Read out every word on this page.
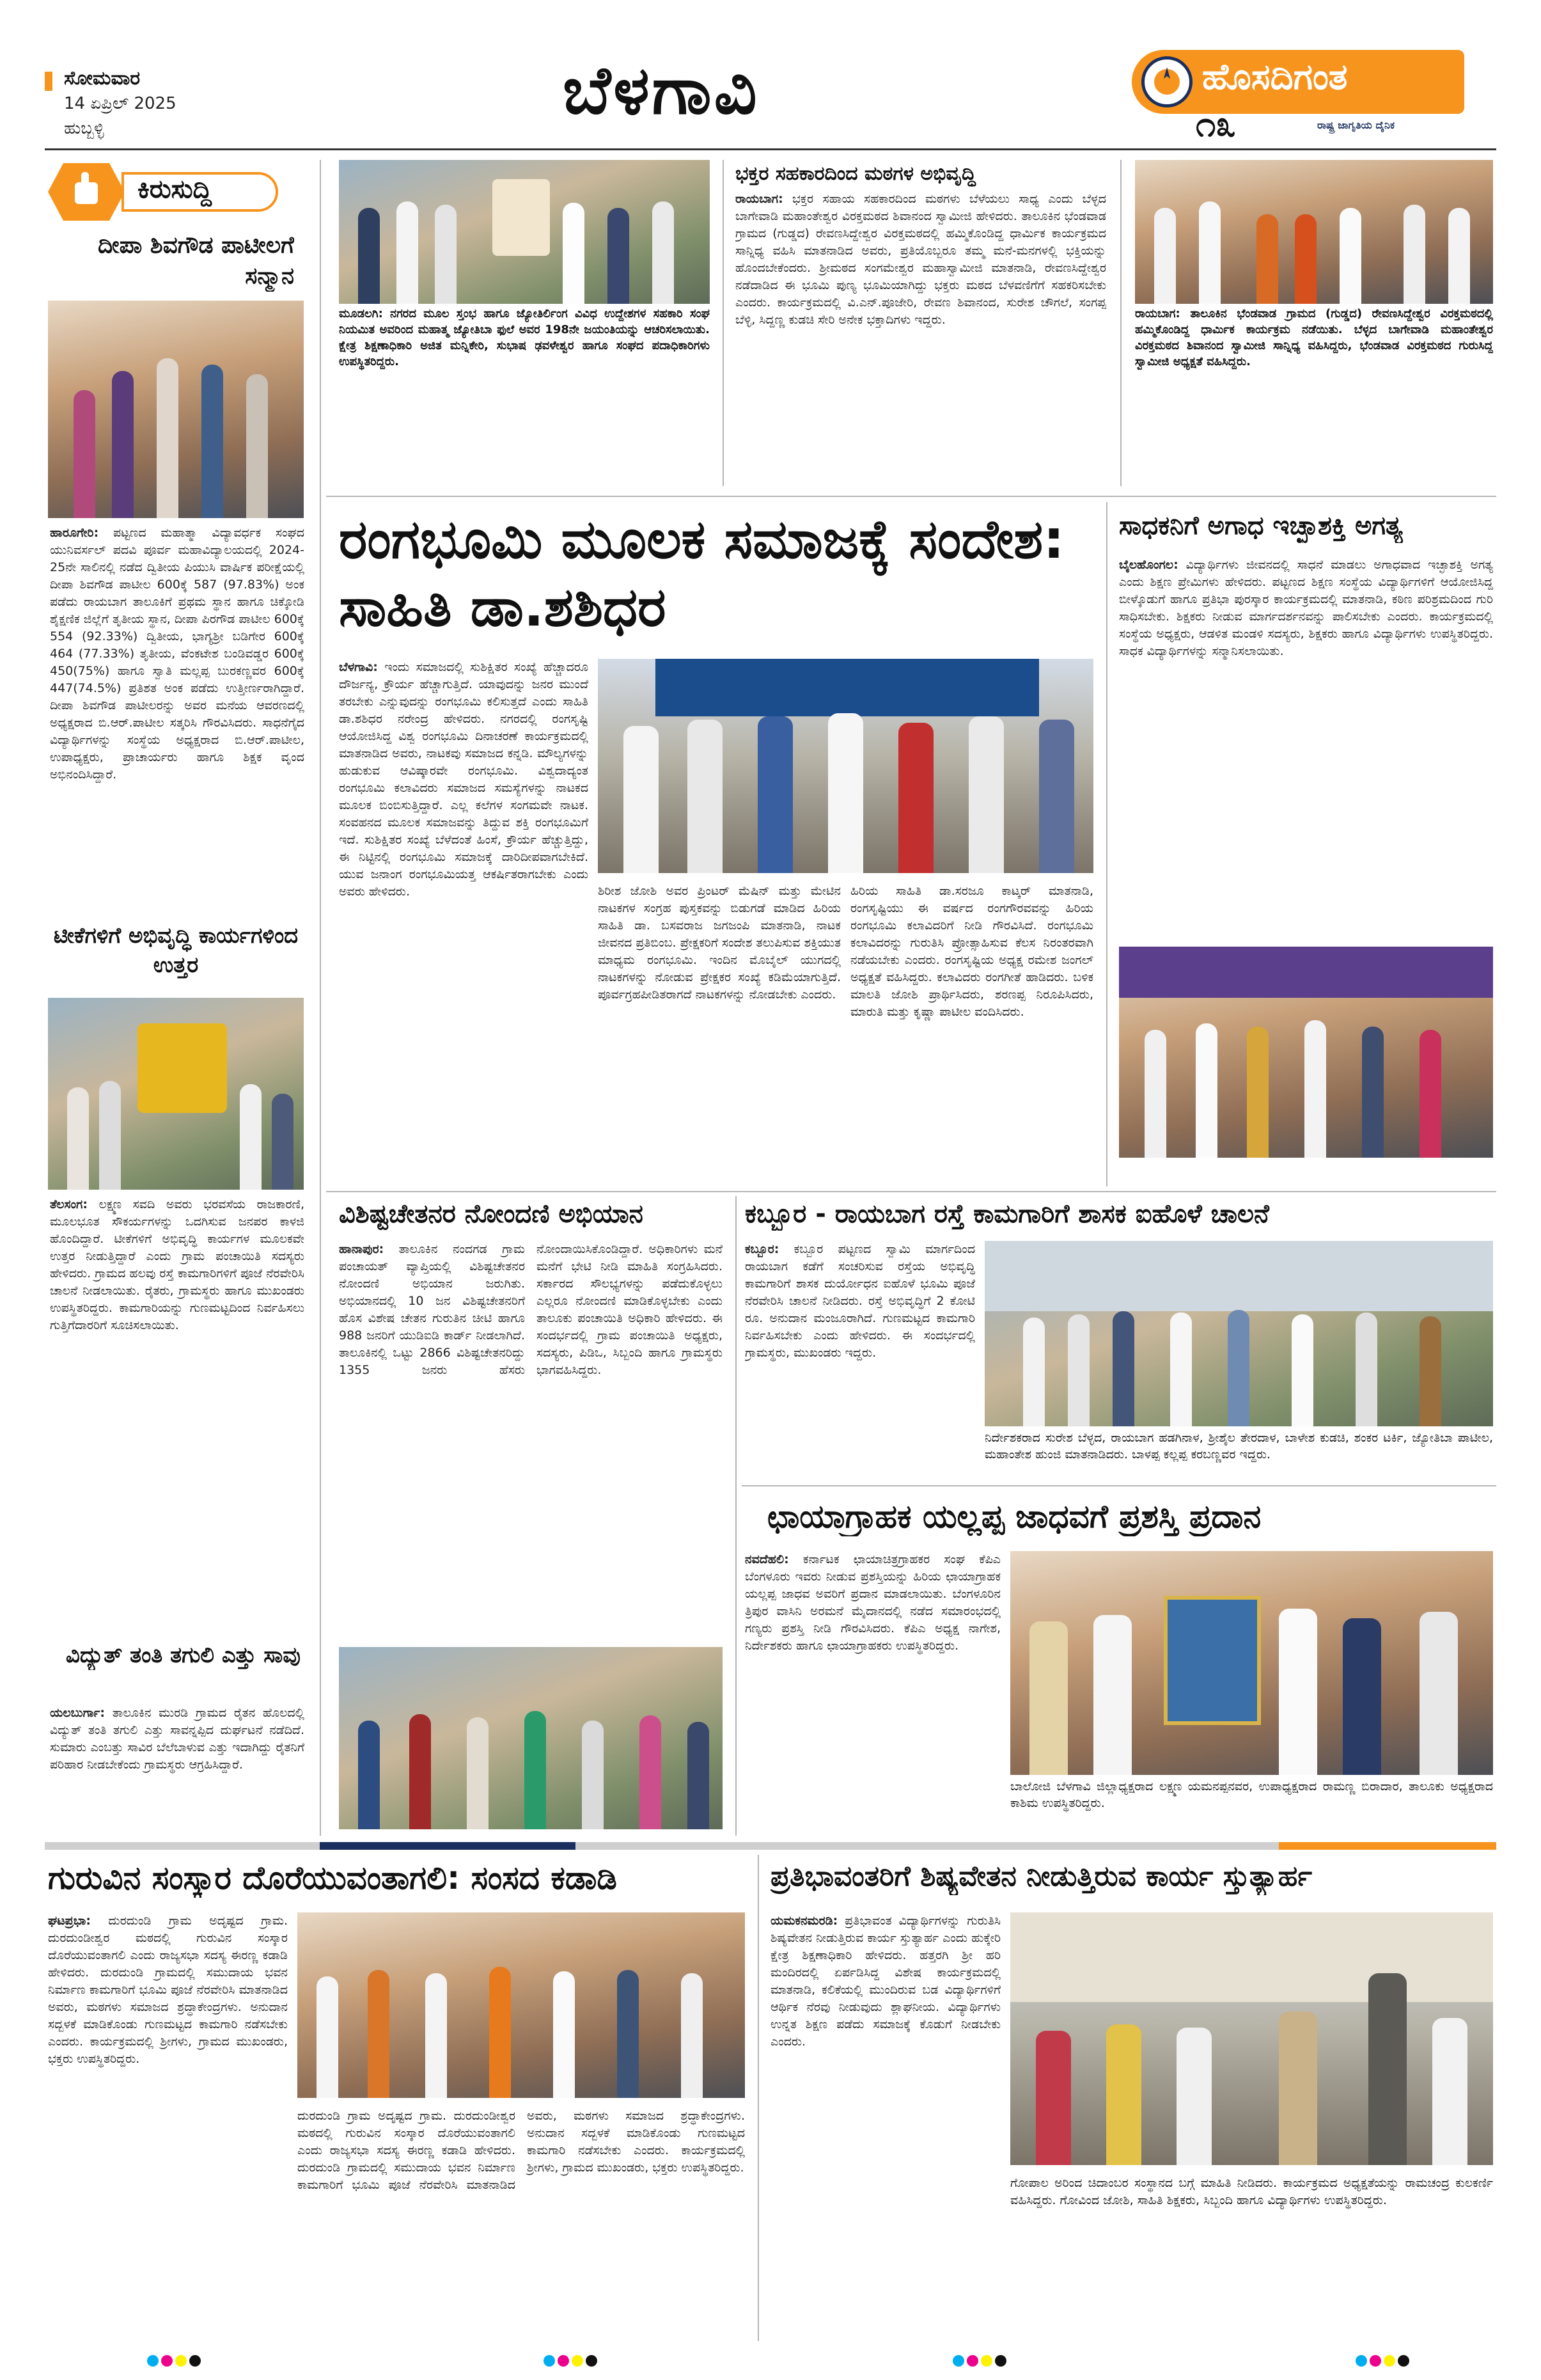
ಸೋಮವಾರ
14 ಏಪ್ರಿಲ್ 2025
ಹುಬ್ಬಳ್ಳಿ	ಬೆಳಗಾವಿ	ಹೊಸದಿಗಂತ
ರಾಷ್ಟ್ರ ಜಾಗೃತಿಯ ದೈನಿಕ
೧೩
ಕಿರುಸುದ್ದಿ
ದೀಪಾ ಶಿವಗೌಡ ಪಾಟೀಲಗೆ ಸನ್ಮಾನ
ಹಾರೂಗೇರಿ: ಪಟ್ಟಣದ ಮಹಾತ್ಮಾ ವಿದ್ಯಾವರ್ಧಕ ಸಂಘದ ಯುನಿವರ್ಸಲ್ ಪದವಿ ಪೂರ್ವ ಮಹಾವಿದ್ಯಾಲಯದಲ್ಲಿ 2024-25ನೇ ಸಾಲಿನಲ್ಲಿ ನಡೆದ ದ್ವಿತೀಯ ಪಿಯುಸಿ ವಾರ್ಷಿಕ ಪರೀಕ್ಷೆಯಲ್ಲಿ ದೀಪಾ ಶಿವಗೌಡ ಪಾಟೀಲ 600ಕ್ಕೆ 587 (97.83%) ಅಂಕ ಪಡೆದು ರಾಯಬಾಗ ತಾಲೂಕಿಗೆ ಪ್ರಥಮ ಸ್ಥಾನ ಹಾಗೂ ಚಿಕ್ಕೋಡಿ ಶೈಕ್ಷಣಿಕ ಜಿಲ್ಲೆಗೆ ತೃತೀಯ ಸ್ಥಾನ, ದೀಪಾ ಪಿರಗೌಡ ಪಾಟೀಲ 600ಕ್ಕೆ 554 (92.33%) ದ್ವಿತೀಯ, ಭಾಗ್ಯಶ್ರೀ ಬಡಿಗೇರ 600ಕ್ಕೆ 464 (77.33%) ತೃತೀಯ, ವೆಂಕಟೇಶ ಬಂಡಿವಡ್ಡರ 600ಕ್ಕೆ 450(75%) ಹಾಗೂ ಸ್ವಾತಿ ಮಲ್ಲಪ್ಪ ಬುರಕಣ್ಣವರ 600ಕ್ಕೆ 447(74.5%) ಪ್ರತಿಶತ ಅಂಕ ಪಡೆದು ಉತ್ತೀರ್ಣರಾಗಿದ್ದಾರೆ. ದೀಪಾ ಶಿವಗೌಡ ಪಾಟೀಲರನ್ನು ಅವರ ಮನೆಯ ಆವರಣದಲ್ಲಿ ಅಧ್ಯಕ್ಷರಾದ ಬಿ.ಆರ್.ಪಾಟೀಲ ಸತ್ಕರಿಸಿ ಗೌರವಿಸಿದರು. ಸಾಧನೆಗೈದ ವಿದ್ಯಾರ್ಥಿಗಳನ್ನು ಸಂಸ್ಥೆಯ ಅಧ್ಯಕ್ಷರಾದ ಬಿ.ಆರ್.ಪಾಟೀಲ, ಉಪಾಧ್ಯಕ್ಷರು, ಪ್ರಾಚಾರ್ಯರು ಹಾಗೂ ಶಿಕ್ಷಕ ವೃಂದ ಅಭಿನಂದಿಸಿದ್ದಾರೆ.
ಟೀಕೆಗಳಿಗೆ ಅಭಿವೃದ್ಧಿ ಕಾರ್ಯಗಳಿಂದ ಉತ್ತರ
ತೆಲಸಂಗ: ಲಕ್ಷ್ಮಣ ಸವದಿ ಅವರು ಭರವಸೆಯ ರಾಜಕಾರಣಿ, ಮೂಲಭೂತ ಸೌಕರ್ಯಗಳನ್ನು ಒದಗಿಸುವ ಜನಪರ ಕಾಳಜಿ ಹೊಂದಿದ್ದಾರೆ. ಟೀಕೆಗಳಿಗೆ ಅಭಿವೃದ್ಧಿ ಕಾರ್ಯಗಳ ಮೂಲಕವೇ ಉತ್ತರ ನೀಡುತ್ತಿದ್ದಾರೆ ಎಂದು ಗ್ರಾಮ ಪಂಚಾಯಿತಿ ಸದಸ್ಯರು ಹೇಳಿದರು. ಗ್ರಾಮದ ಹಲವು ರಸ್ತೆ ಕಾಮಗಾರಿಗಳಿಗೆ ಪೂಜೆ ನೆರವೇರಿಸಿ ಚಾಲನೆ ನೀಡಲಾಯಿತು. ರೈತರು, ಗ್ರಾಮಸ್ಥರು ಹಾಗೂ ಮುಖಂಡರು ಉಪಸ್ಥಿತರಿದ್ದರು. ಕಾಮಗಾರಿಯನ್ನು ಗುಣಮಟ್ಟದಿಂದ ನಿರ್ವಹಿಸಲು ಗುತ್ತಿಗೆದಾರರಿಗೆ ಸೂಚಿಸಲಾಯಿತು.
ವಿದ್ಯುತ್ ತಂತಿ ತಗುಲಿ ಎತ್ತು ಸಾವು
ಯಲಬುರ್ಗಾ: ತಾಲೂಕಿನ ಮುರಡಿ ಗ್ರಾಮದ ರೈತನ ಹೊಲದಲ್ಲಿ ವಿದ್ಯುತ್ ತಂತಿ ತಗುಲಿ ಎತ್ತು ಸಾವನ್ನಪ್ಪಿದ ದುರ್ಘಟನೆ ನಡೆದಿದೆ. ಸುಮಾರು ಎಂಬತ್ತು ಸಾವಿರ ಬೆಲೆಬಾಳುವ ಎತ್ತು ಇದಾಗಿದ್ದು ರೈತನಿಗೆ ಪರಿಹಾರ ನೀಡಬೇಕೆಂದು ಗ್ರಾಮಸ್ಥರು ಆಗ್ರಹಿಸಿದ್ದಾರೆ.
ಮೂಡಲಗಿ: ನಗರದ ಮೂಲ ಸ್ತಂಭ ಹಾಗೂ ಜ್ಯೋತಿರ್ಲಿಂಗ ವಿವಿಧ ಉದ್ದೇಶಗಳ ಸಹಕಾರಿ ಸಂಘ ನಿಯಮಿತ ಅವರಿಂದ ಮಹಾತ್ಮ ಜ್ಯೋತಿಬಾ ಫುಲೆ ಅವರ 198ನೇ ಜಯಂತಿಯನ್ನು ಆಚರಿಸಲಾಯಿತು. ಕ್ಷೇತ್ರ ಶಿಕ್ಷಣಾಧಿಕಾರಿ ಅಜಿತ ಮನ್ನಿಕೇರಿ, ಸುಭಾಷ ಢವಳೇಶ್ವರ ಹಾಗೂ ಸಂಘದ ಪದಾಧಿಕಾರಿಗಳು ಉಪಸ್ಥಿತರಿದ್ದರು.
ಭಕ್ತರ ಸಹಕಾರದಿಂದ ಮಠಗಳ ಅಭಿವೃದ್ಧಿ
ರಾಯಬಾಗ: ಭಕ್ತರ ಸಹಾಯ ಸಹಕಾರದಿಂದ ಮಠಗಳು ಬೆಳೆಯಲು ಸಾಧ್ಯ ಎಂದು ಬೆಳ್ಳದ ಬಾಗೇವಾಡಿ ಮಹಾಂತೇಶ್ವರ ವಿರಕ್ತಮಠದ ಶಿವಾನಂದ ಸ್ವಾಮೀಜಿ ಹೇಳಿದರು. ತಾಲೂಕಿನ ಭೆಂಡವಾಡ ಗ್ರಾಮದ (ಗುಡ್ಡದ) ರೇವಣಸಿದ್ದೇಶ್ವರ ವಿರಕ್ತಮಠದಲ್ಲಿ ಹಮ್ಮಿಕೊಂಡಿದ್ದ ಧಾರ್ಮಿಕ ಕಾರ್ಯಕ್ರಮದ ಸಾನ್ನಿಧ್ಯ ವಹಿಸಿ ಮಾತನಾಡಿದ ಅವರು, ಪ್ರತಿಯೊಬ್ಬರೂ ತಮ್ಮ ಮನೆ-ಮನಗಳಲ್ಲಿ ಭಕ್ತಿಯನ್ನು ಹೊಂದಬೇಕೆಂದರು. ಶ್ರೀಮಠದ ಸಂಗಮೇಶ್ವರ ಮಹಾಸ್ವಾಮೀಜಿ ಮಾತನಾಡಿ, ರೇವಣಸಿದ್ದೇಶ್ವರ ನಡೆದಾಡಿದ ಈ ಭೂಮಿ ಪುಣ್ಯ ಭೂಮಿಯಾಗಿದ್ದು ಭಕ್ತರು ಮಠದ ಬೆಳವಣಿಗೆಗೆ ಸಹಕರಿಸಬೇಕು ಎಂದರು. ಕಾರ್ಯಕ್ರಮದಲ್ಲಿ ವಿ.ಎನ್.ಪೂಜೇರಿ, ರೇವಣ ಶಿವಾನಂದ, ಸುರೇಶ ಚೌಗಲೆ, ಸಂಗಪ್ಪ ಬೆಳ್ಳಿ, ಸಿದ್ದಣ್ಣ ಕುಡಚಿ ಸೇರಿ ಅನೇಕ ಭಕ್ತಾದಿಗಳು ಇದ್ದರು.	ರಾಯಬಾಗ: ತಾಲೂಕಿನ ಭೆಂಡವಾಡ ಗ್ರಾಮದ (ಗುಡ್ಡದ) ರೇವಣಸಿದ್ದೇಶ್ವರ ವಿರಕ್ತಮಠದಲ್ಲಿ ಹಮ್ಮಿಕೊಂಡಿದ್ದ ಧಾರ್ಮಿಕ ಕಾರ್ಯಕ್ರಮ ನಡೆಯಿತು. ಬೆಳ್ಳದ ಬಾಗೇವಾಡಿ ಮಹಾಂತೇಶ್ವರ ವಿರಕ್ತಮಠದ ಶಿವಾನಂದ ಸ್ವಾಮೀಜಿ ಸಾನ್ನಿಧ್ಯ ವಹಿಸಿದ್ದರು, ಭೆಂಡವಾಡ ವಿರಕ್ತಮಠದ ಗುರುಸಿದ್ದ ಸ್ವಾಮೀಜಿ ಅಧ್ಯಕ್ಷತೆ ವಹಿಸಿದ್ದರು.
ರಂಗಭೂಮಿ ಮೂಲಕ ಸಮಾಜಕ್ಕೆ ಸಂದೇಶ: ಸಾಹಿತಿ ಡಾ.ಶಶಿಧರ
ಬೆಳಗಾವಿ: ಇಂದು ಸಮಾಜದಲ್ಲಿ ಸುಶಿಕ್ಷಿತರ ಸಂಖ್ಯೆ ಹೆಚ್ಚಾದರೂ ದೌರ್ಜನ್ಯ, ಕ್ರೌರ್ಯ ಹೆಚ್ಚಾಗುತ್ತಿದೆ. ಯಾವುದನ್ನು ಜನರ ಮುಂದೆ ತರಬೇಕು ಎನ್ನುವುದನ್ನು ರಂಗಭೂಮಿ ಕಲಿಸುತ್ತದೆ ಎಂದು ಸಾಹಿತಿ ಡಾ.ಶಶಿಧರ ನರೇಂದ್ರ ಹೇಳಿದರು. ನಗರದಲ್ಲಿ ರಂಗಸೃಷ್ಟಿ ಆಯೋಜಿಸಿದ್ದ ವಿಶ್ವ ರಂಗಭೂಮಿ ದಿನಾಚರಣೆ ಕಾರ್ಯಕ್ರಮದಲ್ಲಿ ಮಾತನಾಡಿದ ಅವರು, ನಾಟಕವು ಸಮಾಜದ ಕನ್ನಡಿ. ಮೌಲ್ಯಗಳನ್ನು ಹುಡುಕುವ ಆವಿಷ್ಕಾರವೇ ರಂಗಭೂಮಿ. ವಿಶ್ವದಾದ್ಯಂತ ರಂಗಭೂಮಿ ಕಲಾವಿದರು ಸಮಾಜದ ಸಮಸ್ಯೆಗಳನ್ನು ನಾಟಕದ ಮೂಲಕ ಬಿಂಬಿಸುತ್ತಿದ್ದಾರೆ. ಎಲ್ಲ ಕಲೆಗಳ ಸಂಗಮವೇ ನಾಟಕ. ಸಂವಹನದ ಮೂಲಕ ಸಮಾಜವನ್ನು ತಿದ್ದುವ ಶಕ್ತಿ ರಂಗಭೂಮಿಗೆ ಇದೆ. ಸುಶಿಕ್ಷಿತರ ಸಂಖ್ಯೆ ಬೆಳೆದಂತೆ ಹಿಂಸೆ, ಕ್ರೌರ್ಯ ಹೆಚ್ಚುತ್ತಿದ್ದು, ಈ ನಿಟ್ಟಿನಲ್ಲಿ ರಂಗಭೂಮಿ ಸಮಾಜಕ್ಕೆ ದಾರಿದೀಪವಾಗಬೇಕಿದೆ. ಯುವ ಜನಾಂಗ ರಂಗಭೂಮಿಯತ್ತ ಆಕರ್ಷಿತರಾಗಬೇಕು ಎಂದು ಅವರು ಹೇಳಿದರು.	ಶಿರೀಶ ಜೋಶಿ ಅವರ ಪ್ರಿಂಟರ್ ಮೆಷಿನ್ ಮತ್ತು ಮೇಟಿನ ನಾಟಕಗಳ ಸಂಗ್ರಹ ಪುಸ್ತಕವನ್ನು ಬಿಡುಗಡೆ ಮಾಡಿದ ಹಿರಿಯ ಸಾಹಿತಿ ಡಾ. ಬಸವರಾಜ ಜಗಜಂಪಿ ಮಾತನಾಡಿ, ನಾಟಕ ಜೀವನದ ಪ್ರತಿಬಿಂಬ. ಪ್ರೇಕ್ಷಕರಿಗೆ ಸಂದೇಶ ತಲುಪಿಸುವ ಶಕ್ತಿಯುತ ಮಾಧ್ಯಮ ರಂಗಭೂಮಿ. ಇಂದಿನ ಮೊಬೈಲ್ ಯುಗದಲ್ಲಿ ನಾಟಕಗಳನ್ನು ನೋಡುವ ಪ್ರೇಕ್ಷಕರ ಸಂಖ್ಯೆ ಕಡಿಮೆಯಾಗುತ್ತಿದೆ. ಪೂರ್ವಗ್ರಹಪೀಡಿತರಾಗದೆ ನಾಟಕಗಳನ್ನು ನೋಡಬೇಕು ಎಂದರು.
ಹಿರಿಯ ಸಾಹಿತಿ ಡಾ.ಸರಜೂ ಕಾಟ್ಕರ್ ಮಾತನಾಡಿ, ರಂಗಸೃಷ್ಟಿಯು ಈ ವರ್ಷದ ರಂಗಗೌರವವನ್ನು ಹಿರಿಯ ರಂಗಭೂಮಿ ಕಲಾವಿದರಿಗೆ ನೀಡಿ ಗೌರವಿಸಿದೆ. ರಂಗಭೂಮಿ ಕಲಾವಿದರನ್ನು ಗುರುತಿಸಿ ಪ್ರೋತ್ಸಾಹಿಸುವ ಕೆಲಸ ನಿರಂತರವಾಗಿ ನಡೆಯಬೇಕು ಎಂದರು. ರಂಗಸೃಷ್ಟಿಯ ಅಧ್ಯಕ್ಷ ರಮೇಶ ಜಂಗಲ್ ಅಧ್ಯಕ್ಷತೆ ವಹಿಸಿದ್ದರು. ಕಲಾವಿದರು ರಂಗಗೀತೆ ಹಾಡಿದರು. ಬಳಿಕ ಮಾಲತಿ ಜೋಶಿ ಪ್ರಾರ್ಥಿಸಿದರು, ಶರಣಪ್ಪ ನಿರೂಪಿಸಿದರು, ಮಾರುತಿ ಮತ್ತು ಕೃಷ್ಣಾ ಪಾಟೀಲ ವಂದಿಸಿದರು.
ಸಾಧಕನಿಗೆ ಅಗಾಧ ಇಚ್ಛಾಶಕ್ತಿ ಅಗತ್ಯ
ಬೈಲಹೊಂಗಲ: ವಿದ್ಯಾರ್ಥಿಗಳು ಜೀವನದಲ್ಲಿ ಸಾಧನೆ ಮಾಡಲು ಅಗಾಧವಾದ ಇಚ್ಛಾಶಕ್ತಿ ಅಗತ್ಯ ಎಂದು ಶಿಕ್ಷಣ ಪ್ರೇಮಿಗಳು ಹೇಳಿದರು. ಪಟ್ಟಣದ ಶಿಕ್ಷಣ ಸಂಸ್ಥೆಯ ವಿದ್ಯಾರ್ಥಿಗಳಿಗೆ ಆಯೋಜಿಸಿದ್ದ ಬೀಳ್ಕೊಡುಗೆ ಹಾಗೂ ಪ್ರತಿಭಾ ಪುರಸ್ಕಾರ ಕಾರ್ಯಕ್ರಮದಲ್ಲಿ ಮಾತನಾಡಿ, ಕಠಿಣ ಪರಿಶ್ರಮದಿಂದ ಗುರಿ ಸಾಧಿಸಬೇಕು. ಶಿಕ್ಷಕರು ನೀಡುವ ಮಾರ್ಗದರ್ಶನವನ್ನು ಪಾಲಿಸಬೇಕು ಎಂದರು. ಕಾರ್ಯಕ್ರಮದಲ್ಲಿ ಸಂಸ್ಥೆಯ ಅಧ್ಯಕ್ಷರು, ಆಡಳಿತ ಮಂಡಳಿ ಸದಸ್ಯರು, ಶಿಕ್ಷಕರು ಹಾಗೂ ವಿದ್ಯಾರ್ಥಿಗಳು ಉಪಸ್ಥಿತರಿದ್ದರು. ಸಾಧಕ ವಿದ್ಯಾರ್ಥಿಗಳನ್ನು ಸನ್ಮಾನಿಸಲಾಯಿತು.
ವಿಶಿಷ್ಟಚೇತನರ ನೋಂದಣಿ ಅಭಿಯಾನ
ಹಾನಾಪುರ: ತಾಲೂಕಿನ ನಂದಗಡ ಗ್ರಾಮ ಪಂಚಾಯತ್ ವ್ಯಾಪ್ತಿಯಲ್ಲಿ ವಿಶಿಷ್ಟಚೇತನರ ನೋಂದಣಿ ಅಭಿಯಾನ ಜರುಗಿತು. ಅಭಿಯಾನದಲ್ಲಿ 10 ಜನ ವಿಶಿಷ್ಟಚೇತನರಿಗೆ ಹೊಸ ವಿಶೇಷ ಚೇತನ ಗುರುತಿನ ಚೀಟಿ ಹಾಗೂ 988 ಜನರಿಗೆ ಯುಡಿಐಡಿ ಕಾರ್ಡ್ ನೀಡಲಾಗಿದೆ. ತಾಲೂಕಿನಲ್ಲಿ ಒಟ್ಟು 2866 ವಿಶಿಷ್ಟಚೇತನರಿದ್ದು 1355 ಜನರು ಹೆಸರು ನೋಂದಾಯಿಸಿಕೊಂಡಿದ್ದಾರೆ. ಅಧಿಕಾರಿಗಳು ಮನೆ ಮನೆಗೆ ಭೇಟಿ ನೀಡಿ ಮಾಹಿತಿ ಸಂಗ್ರಹಿಸಿದರು. ಸರ್ಕಾರದ ಸೌಲಭ್ಯಗಳನ್ನು ಪಡೆದುಕೊಳ್ಳಲು ಎಲ್ಲರೂ ನೋಂದಣಿ ಮಾಡಿಕೊಳ್ಳಬೇಕು ಎಂದು ತಾಲೂಕು ಪಂಚಾಯಿತಿ ಅಧಿಕಾರಿ ಹೇಳಿದರು. ಈ ಸಂದರ್ಭದಲ್ಲಿ ಗ್ರಾಮ ಪಂಚಾಯಿತಿ ಅಧ್ಯಕ್ಷರು, ಸದಸ್ಯರು, ಪಿಡಿಒ, ಸಿಬ್ಬಂದಿ ಹಾಗೂ ಗ್ರಾಮಸ್ಥರು ಭಾಗವಹಿಸಿದ್ದರು.
ಕಬ್ಬೂರ - ರಾಯಬಾಗ ರಸ್ತೆ ಕಾಮಗಾರಿಗೆ ಶಾಸಕ ಐಹೊಳೆ ಚಾಲನೆ
ಕಬ್ಬೂರ: ಕಬ್ಬೂರ ಪಟ್ಟಣದ ಸ್ವಾಮಿ ಮಾರ್ಗದಿಂದ ರಾಯಬಾಗ ಕಡೆಗೆ ಸಂಚರಿಸುವ ರಸ್ತೆಯ ಅಭಿವೃದ್ಧಿ ಕಾಮಗಾರಿಗೆ ಶಾಸಕ ದುರ್ಯೋಧನ ಐಹೊಳೆ ಭೂಮಿ ಪೂಜೆ ನೆರವೇರಿಸಿ ಚಾಲನೆ ನೀಡಿದರು. ರಸ್ತೆ ಅಭಿವೃದ್ಧಿಗೆ 2 ಕೋಟಿ ರೂ. ಅನುದಾನ ಮಂಜೂರಾಗಿದೆ. ಗುಣಮಟ್ಟದ ಕಾಮಗಾರಿ ನಿರ್ವಹಿಸಬೇಕು ಎಂದು ಹೇಳಿದರು. ಈ ಸಂದರ್ಭದಲ್ಲಿ ಗ್ರಾಮಸ್ಥರು, ಮುಖಂಡರು ಇದ್ದರು.
ನಿರ್ದೇಶಕರಾದ ಸುರೇಶ ಬೆಳ್ಳದ, ರಾಯಬಾಗ ಹಡಗಿನಾಳ, ಶ್ರೀಶೈಲ ತೇರದಾಳ, ಬಾಳೇಶ ಕುಡಚಿ, ಶಂಕರ ಟರ್ಕಿ, ಜ್ಯೋತಿಬಾ ಪಾಟೀಲ, ಮಹಾಂತೇಶ ಹುಂಜಿ ಮಾತನಾಡಿದರು. ಬಾಳಪ್ಪ ಕಲ್ಲಪ್ಪ ಕರಬಣ್ಣವರ ಇದ್ದರು.
ಛಾಯಾಗ್ರಾಹಕ ಯಲ್ಲಪ್ಪ ಜಾಧವಗೆ ಪ್ರಶಸ್ತಿ ಪ್ರದಾನ
ನವದೆಹಲಿ: ಕರ್ನಾಟಕ ಛಾಯಾಚಿತ್ರಗ್ರಾಹಕರ ಸಂಘ ಕೆಪಿಎ ಬೆಂಗಳೂರು ಇವರು ನೀಡುವ ಪ್ರಶಸ್ತಿಯನ್ನು ಹಿರಿಯ ಛಾಯಾಗ್ರಾಹಕ ಯಲ್ಲಪ್ಪ ಜಾಧವ ಅವರಿಗೆ ಪ್ರದಾನ ಮಾಡಲಾಯಿತು. ಬೆಂಗಳೂರಿನ ತ್ರಿಪುರ ವಾಸಿನಿ ಅರಮನೆ ಮೈದಾನದಲ್ಲಿ ನಡೆದ ಸಮಾರಂಭದಲ್ಲಿ ಗಣ್ಯರು ಪ್ರಶಸ್ತಿ ನೀಡಿ ಗೌರವಿಸಿದರು. ಕೆಪಿಎ ಅಧ್ಯಕ್ಷ ನಾಗೇಶ, ನಿರ್ದೇಶಕರು ಹಾಗೂ ಛಾಯಾಗ್ರಾಹಕರು ಉಪಸ್ಥಿತರಿದ್ದರು.
ಬಾಲೋಜಿ ಬೆಳಗಾವಿ ಜಿಲ್ಲಾಧ್ಯಕ್ಷರಾದ ಲಕ್ಷ್ಮಣ ಯಮನಪ್ಪನವರ, ಉಪಾಧ್ಯಕ್ಷರಾದ ರಾಮಣ್ಣ ಬಿರಾದಾರ, ತಾಲೂಕು ಅಧ್ಯಕ್ಷರಾದ ಕಾಶಿಮ ಉಪಸ್ಥಿತರಿದ್ದರು.
ಗುರುವಿನ ಸಂಸ್ಕಾರ ದೊರೆಯುವಂತಾಗಲಿ: ಸಂಸದ ಕಡಾಡಿ
ಘಟಪ್ರಭಾ: ದುರದುಂಡಿ ಗ್ರಾಮ ಅದೃಷ್ಟದ ಗ್ರಾಮ. ದುರದುಂಡೀಶ್ವರ ಮಠದಲ್ಲಿ ಗುರುವಿನ ಸಂಸ್ಕಾರ ದೊರೆಯುವಂತಾಗಲಿ ಎಂದು ರಾಜ್ಯಸಭಾ ಸದಸ್ಯ ಈರಣ್ಣ ಕಡಾಡಿ ಹೇಳಿದರು. ದುರದುಂಡಿ ಗ್ರಾಮದಲ್ಲಿ ಸಮುದಾಯ ಭವನ ನಿರ್ಮಾಣ ಕಾಮಗಾರಿಗೆ ಭೂಮಿ ಪೂಜೆ ನೆರವೇರಿಸಿ ಮಾತನಾಡಿದ ಅವರು, ಮಠಗಳು ಸಮಾಜದ ಶ್ರದ್ಧಾಕೇಂದ್ರಗಳು. ಅನುದಾನ ಸದ್ಬಳಕೆ ಮಾಡಿಕೊಂಡು ಗುಣಮಟ್ಟದ ಕಾಮಗಾರಿ ನಡೆಸಬೇಕು ಎಂದರು. ಕಾರ್ಯಕ್ರಮದಲ್ಲಿ ಶ್ರೀಗಳು, ಗ್ರಾಮದ ಮುಖಂಡರು, ಭಕ್ತರು ಉಪಸ್ಥಿತರಿದ್ದರು.
ದುರದುಂಡಿ ಗ್ರಾಮ ಅದೃಷ್ಟದ ಗ್ರಾಮ. ದುರದುಂಡೀಶ್ವರ ಮಠದಲ್ಲಿ ಗುರುವಿನ ಸಂಸ್ಕಾರ ದೊರೆಯುವಂತಾಗಲಿ ಎಂದು ರಾಜ್ಯಸಭಾ ಸದಸ್ಯ ಈರಣ್ಣ ಕಡಾಡಿ ಹೇಳಿದರು. ದುರದುಂಡಿ ಗ್ರಾಮದಲ್ಲಿ ಸಮುದಾಯ ಭವನ ನಿರ್ಮಾಣ ಕಾಮಗಾರಿಗೆ ಭೂಮಿ ಪೂಜೆ ನೆರವೇರಿಸಿ ಮಾತನಾಡಿದ ಅವರು, ಮಠಗಳು ಸಮಾಜದ ಶ್ರದ್ಧಾಕೇಂದ್ರಗಳು. ಅನುದಾನ ಸದ್ಬಳಕೆ ಮಾಡಿಕೊಂಡು ಗುಣಮಟ್ಟದ ಕಾಮಗಾರಿ ನಡೆಸಬೇಕು ಎಂದರು. ಕಾರ್ಯಕ್ರಮದಲ್ಲಿ ಶ್ರೀಗಳು, ಗ್ರಾಮದ ಮುಖಂಡರು, ಭಕ್ತರು ಉಪಸ್ಥಿತರಿದ್ದರು.
ಪ್ರತಿಭಾವಂತರಿಗೆ ಶಿಷ್ಯವೇತನ ನೀಡುತ್ತಿರುವ ಕಾರ್ಯ ಸ್ತುತ್ಯಾರ್ಹ
ಯಮಕನಮರಡಿ: ಪ್ರತಿಭಾವಂತ ವಿದ್ಯಾರ್ಥಿಗಳನ್ನು ಗುರುತಿಸಿ ಶಿಷ್ಯವೇತನ ನೀಡುತ್ತಿರುವ ಕಾರ್ಯ ಸ್ತುತ್ಯಾರ್ಹ ಎಂದು ಹುಕ್ಕೇರಿ ಕ್ಷೇತ್ರ ಶಿಕ್ಷಣಾಧಿಕಾರಿ ಹೇಳಿದರು. ಹತ್ತರಗಿ ಶ್ರೀ ಹರಿ ಮಂದಿರದಲ್ಲಿ ಏರ್ಪಡಿಸಿದ್ದ ವಿಶೇಷ ಕಾರ್ಯಕ್ರಮದಲ್ಲಿ ಮಾತನಾಡಿ, ಕಲಿಕೆಯಲ್ಲಿ ಮುಂದಿರುವ ಬಡ ವಿದ್ಯಾರ್ಥಿಗಳಿಗೆ ಆರ್ಥಿಕ ನೆರವು ನೀಡುವುದು ಶ್ಲಾಘನೀಯ. ವಿದ್ಯಾರ್ಥಿಗಳು ಉನ್ನತ ಶಿಕ್ಷಣ ಪಡೆದು ಸಮಾಜಕ್ಕೆ ಕೊಡುಗೆ ನೀಡಬೇಕು ಎಂದರು.
ಗೋಪಾಲ ಅರಿಂದ ಚಿದಾಂಬರ ಸಂಸ್ಥಾನದ ಬಗ್ಗೆ ಮಾಹಿತಿ ನೀಡಿದರು. ಕಾರ್ಯಕ್ರಮದ ಅಧ್ಯಕ್ಷತೆಯನ್ನು ರಾಮಚಂದ್ರ ಕುಲಕರ್ಣಿ ವಹಿಸಿದ್ದರು. ಗೋವಿಂದ ಜೋಶಿ, ಸಾಹಿತಿ ಶಿಕ್ಷಕರು, ಸಿಬ್ಬಂದಿ ಹಾಗೂ ವಿದ್ಯಾರ್ಥಿಗಳು ಉಪಸ್ಥಿತರಿದ್ದರು.
